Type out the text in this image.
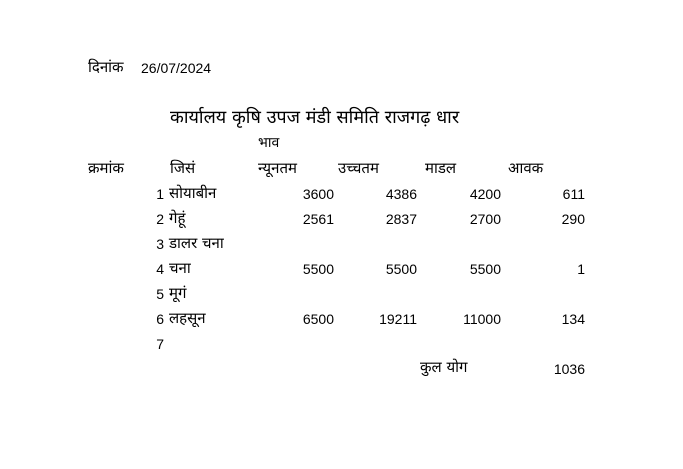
दिनांक 26/07/2024
कार्यालय कृषि उपज मंडी समिति राजगढ़ धार
भाव
क्रमांक	जिसं	न्यूनतम	उच्चतम	माडल	आवक
1 सोयाबीन	3600	4386	4200	611
2 गेहूं	2561	2837	2700	290
3 डालर चना
4 चना	5500	5500	5500	1
5 मूगं
6 लहसून	6500	19211	11000	134
7
कुल योग	1036
